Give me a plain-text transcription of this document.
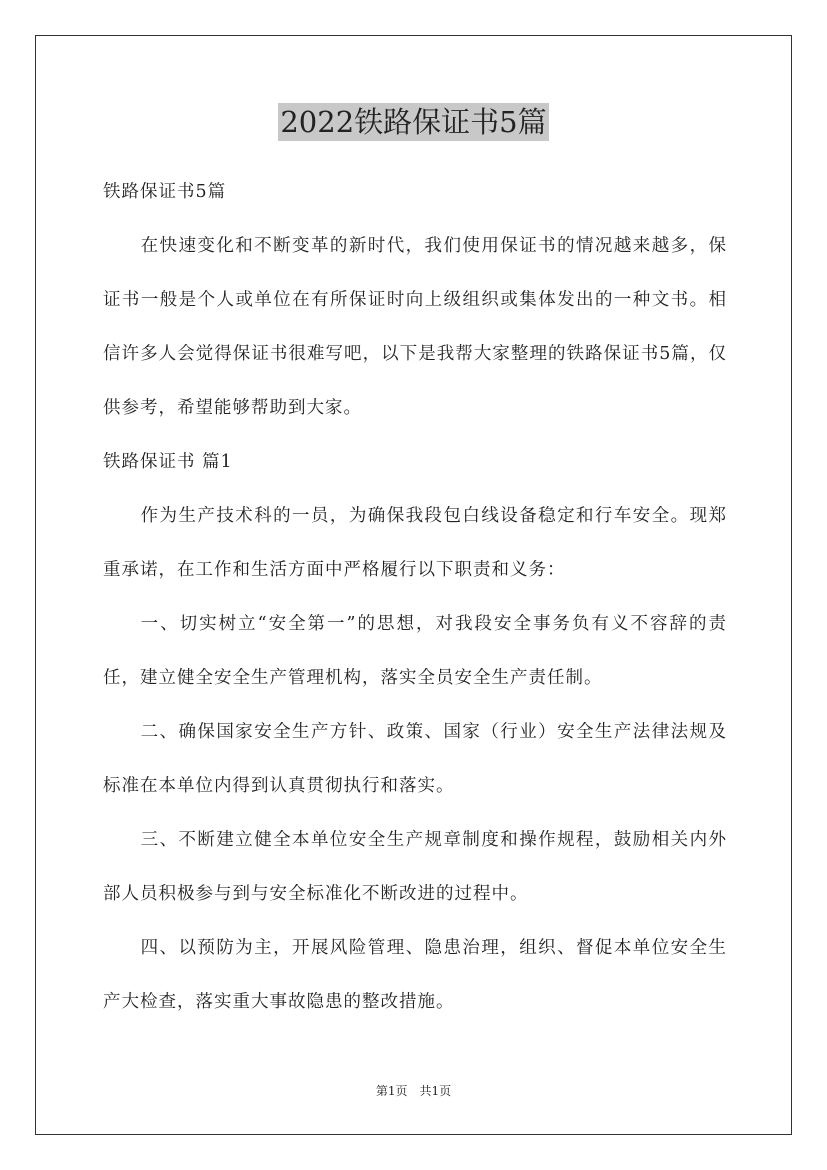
2022铁路保证书5篇

铁路保证书5篇

在快速变化和不断变革的新时代，我们使用保证书的情况越来越多，保证书一般是个人或单位在有所保证时向上级组织或集体发出的一种文书。相信许多人会觉得保证书很难写吧，以下是我帮大家整理的铁路保证书5篇，仅供参考，希望能够帮助到大家。

铁路保证书 篇1

作为生产技术科的一员，为确保我段包白线设备稳定和行车安全。现郑重承诺，在工作和生活方面中严格履行以下职责和义务：

一、切实树立“安全第一”的思想，对我段安全事务负有义不容辞的责任，建立健全安全生产管理机构，落实全员安全生产责任制。

二、确保国家安全生产方针、政策、国家（行业）安全生产法律法规及标准在本单位内得到认真贯彻执行和落实。

三、不断建立健全本单位安全生产规章制度和操作规程，鼓励相关内外部人员积极参与到与安全标准化不断改进的过程中。

四、以预防为主，开展风险管理、隐患治理，组织、督促本单位安全生产大检查，落实重大事故隐患的整改措施。

第1页　共1页
